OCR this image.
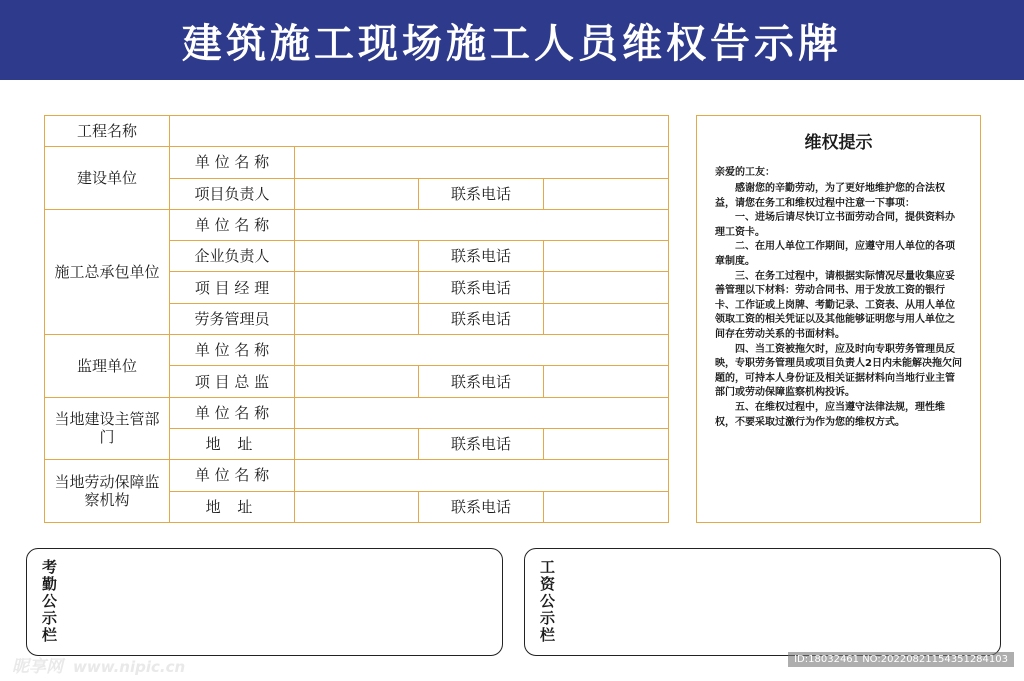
建筑施工现场施工人员维权告示牌
工程名称				
建设单位	单 位 名 称			
	项目负责人		联系电话	
施工总承包单位	单 位 名 称			
	企业负责人		联系电话	
	项 目 经 理		联系电话	
	劳务管理员		联系电话	
监理单位	单 位 名 称			
	项 目 总 监		联系电话	
当地建设主管部门	单 位 名 称			
	地 址		联系电话	
当地劳动保障监察机构	单 位 名 称			
	地 址		联系电话	
维权提示
亲爱的工友：

感谢您的辛勤劳动，为了更好地维护您的合法权益，请您在务工和维权过程中注意一下事项：

一、进场后请尽快订立书面劳动合同，提供资料办理工资卡。

二、在用人单位工作期间，应遵守用人单位的各项章制度。

三、在务工过程中，请根据实际情况尽量收集应妥善管理以下材料：劳动合同书、用于发放工资的银行卡、工作证或上岗牌、考勤记录、工资表、从用人单位领取工资的相关凭证以及其他能够证明您与用人单位之间存在劳动关系的书面材料。

四、当工资被拖欠时，应及时向专职劳务管理员反映，专职劳务管理员或项目负责人2日内未能解决拖欠问题的，可持本人身份证及相关证据材料向当地行业主管部门或劳动保障监察机构投诉。

五、在维权过程中，应当遵守法律法规，理性维权，不要采取过激行为作为您的维权方式。

考勤公示栏	工资公示栏
昵享网 www.nipic.cn	ID:18032461 NO:20220821154351284103
